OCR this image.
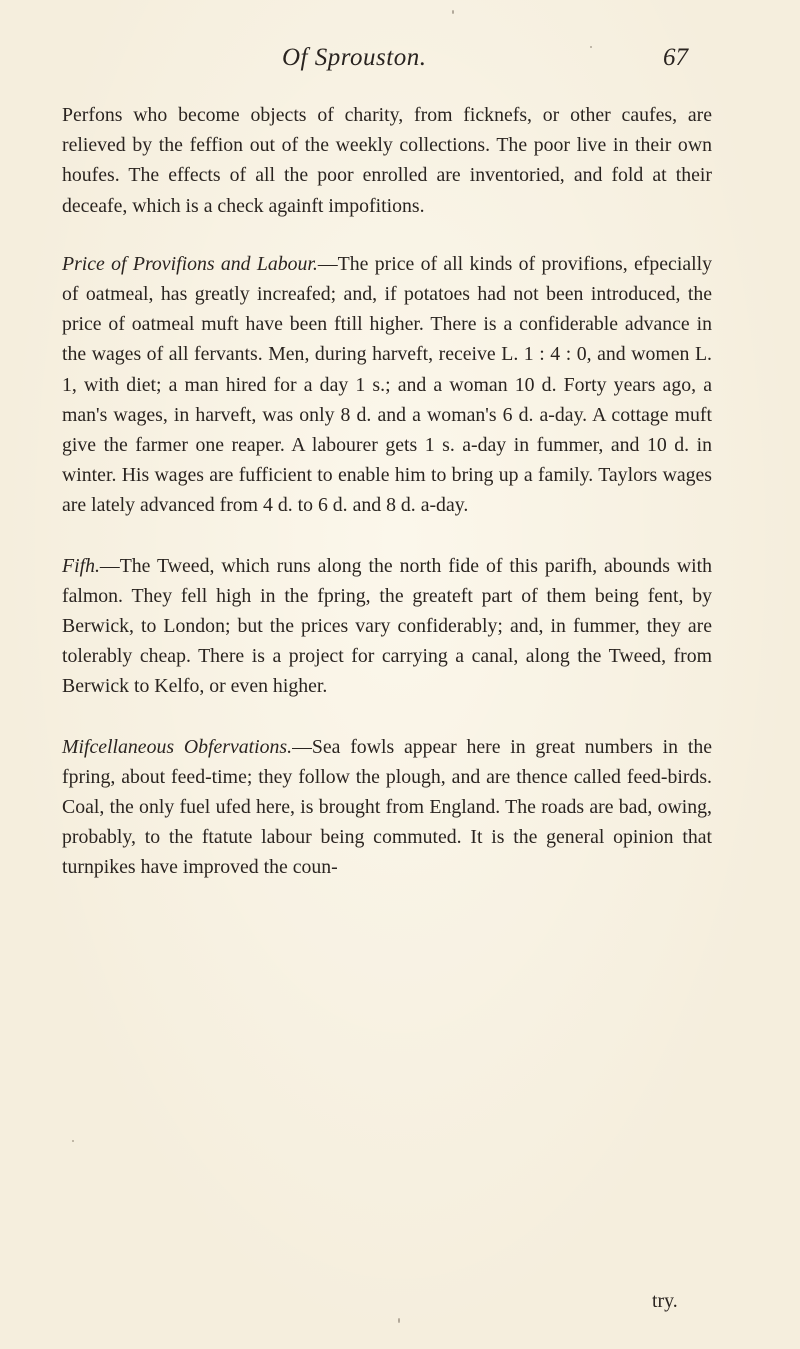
Of Sprouston.	67

Perfons who become objects of charity, from ficknefs, or other caufes, are relieved by the feffion out of the weekly collections. The poor live in their own houfes. The effects of all the poor enrolled are inventoried, and fold at their deceafe, which is a check againft impofitions.

Price of Provifions and Labour.—The price of all kinds of provifions, efpecially of oatmeal, has greatly increafed; and, if potatoes had not been introduced, the price of oatmeal muft have been ftill higher. There is a confiderable advance in the wages of all fervants. Men, during harveft, receive L. 1 : 4 : 0, and women L. 1, with diet; a man hired for a day 1 s.; and a woman 10 d. Forty years ago, a man's wages, in harveft, was only 8 d. and a woman's 6 d. a-day. A cottage muft give the farmer one reaper. A labourer gets 1 s. a-day in fummer, and 10 d. in winter. His wages are fufficient to enable him to bring up a family. Taylors wages are lately advanced from 4 d. to 6 d. and 8 d. a-day.

Fifh.—The Tweed, which runs along the north fide of this parifh, abounds with falmon. They fell high in the fpring, the greateft part of them being fent, by Berwick, to London; but the prices vary confiderably; and, in fummer, they are tolerably cheap. There is a project for carrying a canal, along the Tweed, from Berwick to Kelfo, or even higher.

Mifcellaneous Obfervations.—Sea fowls appear here in great numbers in the fpring, about feed-time; they follow the plough, and are thence called feed-birds. Coal, the only fuel ufed here, is brought from England. The roads are bad, owing, probably, to the ftatute labour being commuted. It is the general opinion that turnpikes have improved the coun-

try.
